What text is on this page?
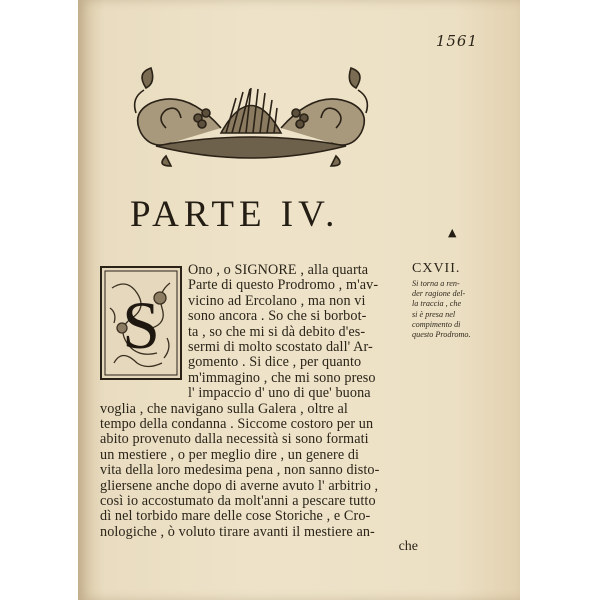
1561
PARTE IV.	▲
S
Ono , o SIGNORE , alla quarta
Parte di questo Prodromo , m'av-
vicino ad Ercolano , ma non vi
sono ancora . So che si borbot-
ta , so che mi si dà debito d'es-
sermi di molto scostato dall' Ar-
gomento . Si dice , per quanto
m'immagino , che mi sono preso
l' impaccio d' uno di que' buona
voglia , che navigano sulla Galera , oltre al
tempo della condanna . Siccome costoro per un
abito provenuto dalla necessità si sono formati
un mestiere , o per meglio dire , un genere di
vita della loro medesima pena , non sanno disto-
gliersene anche dopo di averne avuto l' arbitrio ,
così io accostumato da molt'anni a pescare tutto
dì nel torbido mare delle cose Storiche , e Cro-
nologiche , ò voluto tirare avanti il mestiere an-
CXVII.
Si torna a ren-
der ragione del-
la traccia , che
si è presa nel
compimento di
questo Prodromo.
che
